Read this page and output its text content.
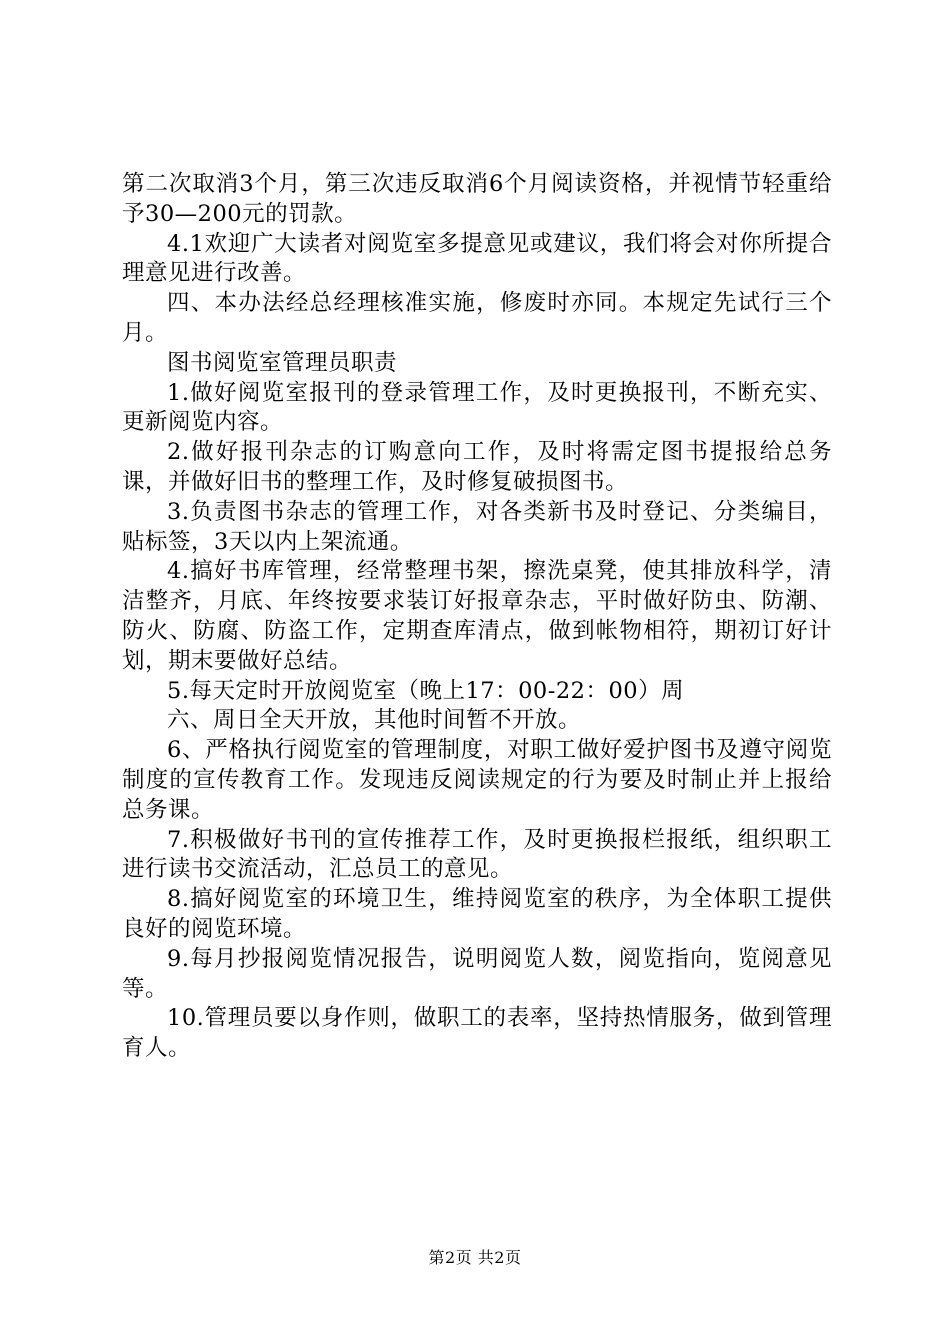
第二次取消3个月，第三次违反取消6个月阅读资格，并视情节轻重给予30—200元的罚款。

4.1欢迎广大读者对阅览室多提意见或建议，我们将会对你所提合理意见进行改善。

四、本办法经总经理核准实施，修废时亦同。本规定先试行三个月。

图书阅览室管理员职责

1.做好阅览室报刊的登录管理工作，及时更换报刊，不断充实、更新阅览内容。

2.做好报刊杂志的订购意向工作，及时将需定图书提报给总务课，并做好旧书的整理工作，及时修复破损图书。

3.负责图书杂志的管理工作，对各类新书及时登记、分类编目，贴标签，3天以内上架流通。

4.搞好书库管理，经常整理书架，擦洗桌凳，使其排放科学，清洁整齐，月底、年终按要求装订好报章杂志，平时做好防虫、防潮、防火、防腐、防盗工作，定期查库清点，做到帐物相符，期初订好计划，期末要做好总结。

5.每天定时开放阅览室（晚上17：00-22：00）周

六、周日全天开放，其他时间暂不开放。

6、严格执行阅览室的管理制度，对职工做好爱护图书及遵守阅览制度的宣传教育工作。发现违反阅读规定的行为要及时制止并上报给总务课。

7.积极做好书刊的宣传推荐工作，及时更换报栏报纸，组织职工进行读书交流活动，汇总员工的意见。

8.搞好阅览室的环境卫生，维持阅览室的秩序，为全体职工提供良好的阅览环境。

9.每月抄报阅览情况报告，说明阅览人数，阅览指向，览阅意见等。

10.管理员要以身作则，做职工的表率，坚持热情服务，做到管理育人。

第2页 共2页
